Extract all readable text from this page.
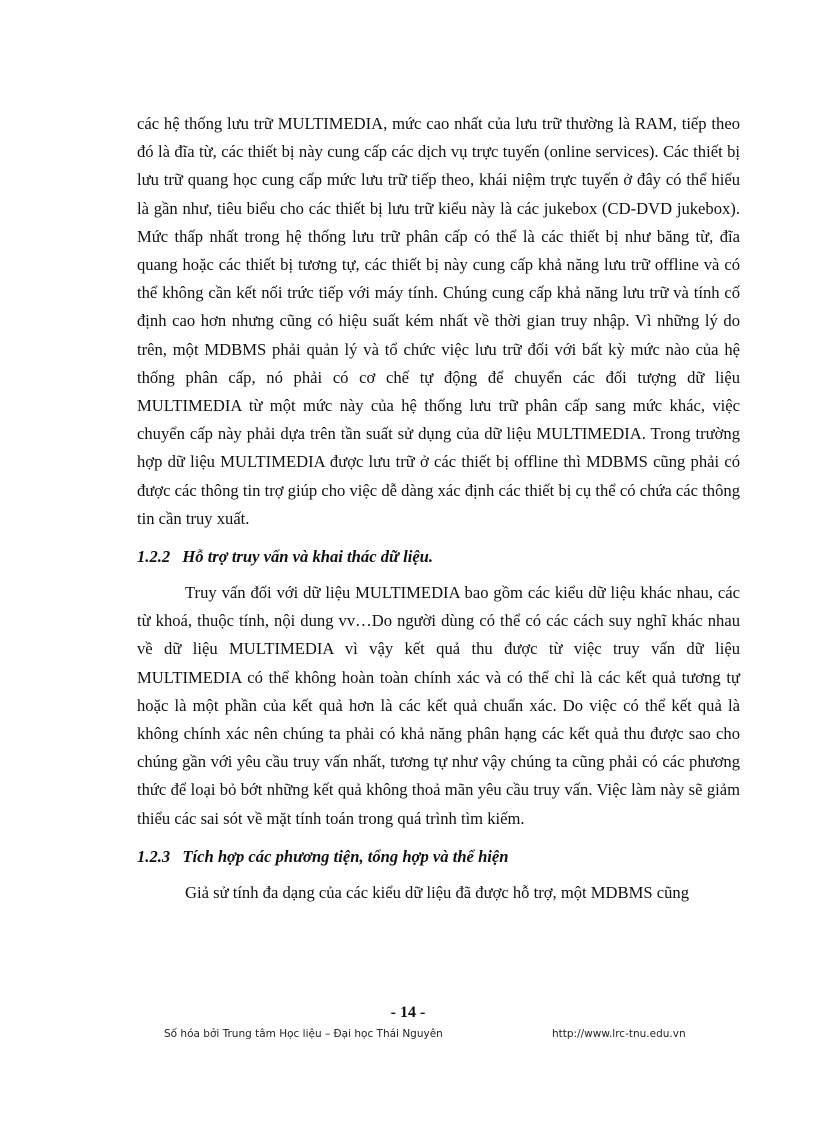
các hệ thống lưu trữ MULTIMEDIA, mức cao nhất của lưu trữ thường là RAM, tiếp theo đó là đĩa từ, các thiết bị này cung cấp các dịch vụ trực tuyến (online services). Các thiết bị lưu trữ quang học cung cấp mức lưu trữ tiếp theo, khái niệm trực tuyến ở đây có thể hiểu là gần như, tiêu biểu cho các thiết bị lưu trữ kiểu này là các jukebox (CD-DVD jukebox). Mức thấp nhất trong hệ thống lưu trữ phân cấp có thể là các thiết bị như băng từ, đĩa quang hoặc các thiết bị tương tự, các thiết bị này cung cấp khả năng lưu trữ offline và có thể không cần kết nối trức tiếp với máy tính. Chúng cung cấp khả năng lưu trữ và tính cố định cao hơn nhưng cũng có hiệu suất kém nhất về thời gian truy nhập. Vì những lý do trên, một MDBMS phải quản lý và tổ chức việc lưu trữ đối với bất kỳ mức nào của hệ thống phân cấp, nó phải có cơ chế tự động để chuyển các đối tượng dữ liệu MULTIMEDIA từ một mức này của hệ thống lưu trữ phân cấp sang mức khác, việc chuyển cấp này phải dựa trên tần suất sử dụng của dữ liệu MULTIMEDIA. Trong trường hợp dữ liệu MULTIMEDIA được lưu trữ ở các thiết bị offline thì MDBMS cũng phải có được các thông tin trợ giúp cho việc dễ dàng xác định các thiết bị cụ thể có chứa các thông tin cần truy xuất.

1.2.2 Hỗ trợ truy vấn và khai thác dữ liệu.

Truy vấn đối với dữ liệu MULTIMEDIA bao gồm các kiểu dữ liệu khác nhau, các từ khoá, thuộc tính, nội dung vv…Do người dùng có thể có các cách suy nghĩ khác nhau về dữ liệu MULTIMEDIA vì vậy kết quả thu được từ việc truy vấn dữ liệu MULTIMEDIA có thể không hoàn toàn chính xác và có thể chỉ là các kết quả tương tự hoặc là một phần của kết quả hơn là các kết quả chuẩn xác. Do việc có thể kết quả là không chính xác nên chúng ta phải có khả năng phân hạng các kết quả thu được sao cho chúng gần với yêu cầu truy vấn nhất, tương tự như vậy chúng ta cũng phải có các phương thức để loại bỏ bớt những kết quả không thoả mãn yêu cầu truy vấn. Việc làm này sẽ giảm thiểu các sai sót về mặt tính toán trong quá trình tìm kiếm.

1.2.3 Tích hợp các phương tiện, tổng hợp và thể hiện

Giả sử tính đa dạng của các kiểu dữ liệu đã được hỗ trợ, một MDBMS cũng

- 14 -
Số hóa bởi Trung tâm Học liệu – Đại học Thái Nguyên	http://www.lrc-tnu.edu.vn
